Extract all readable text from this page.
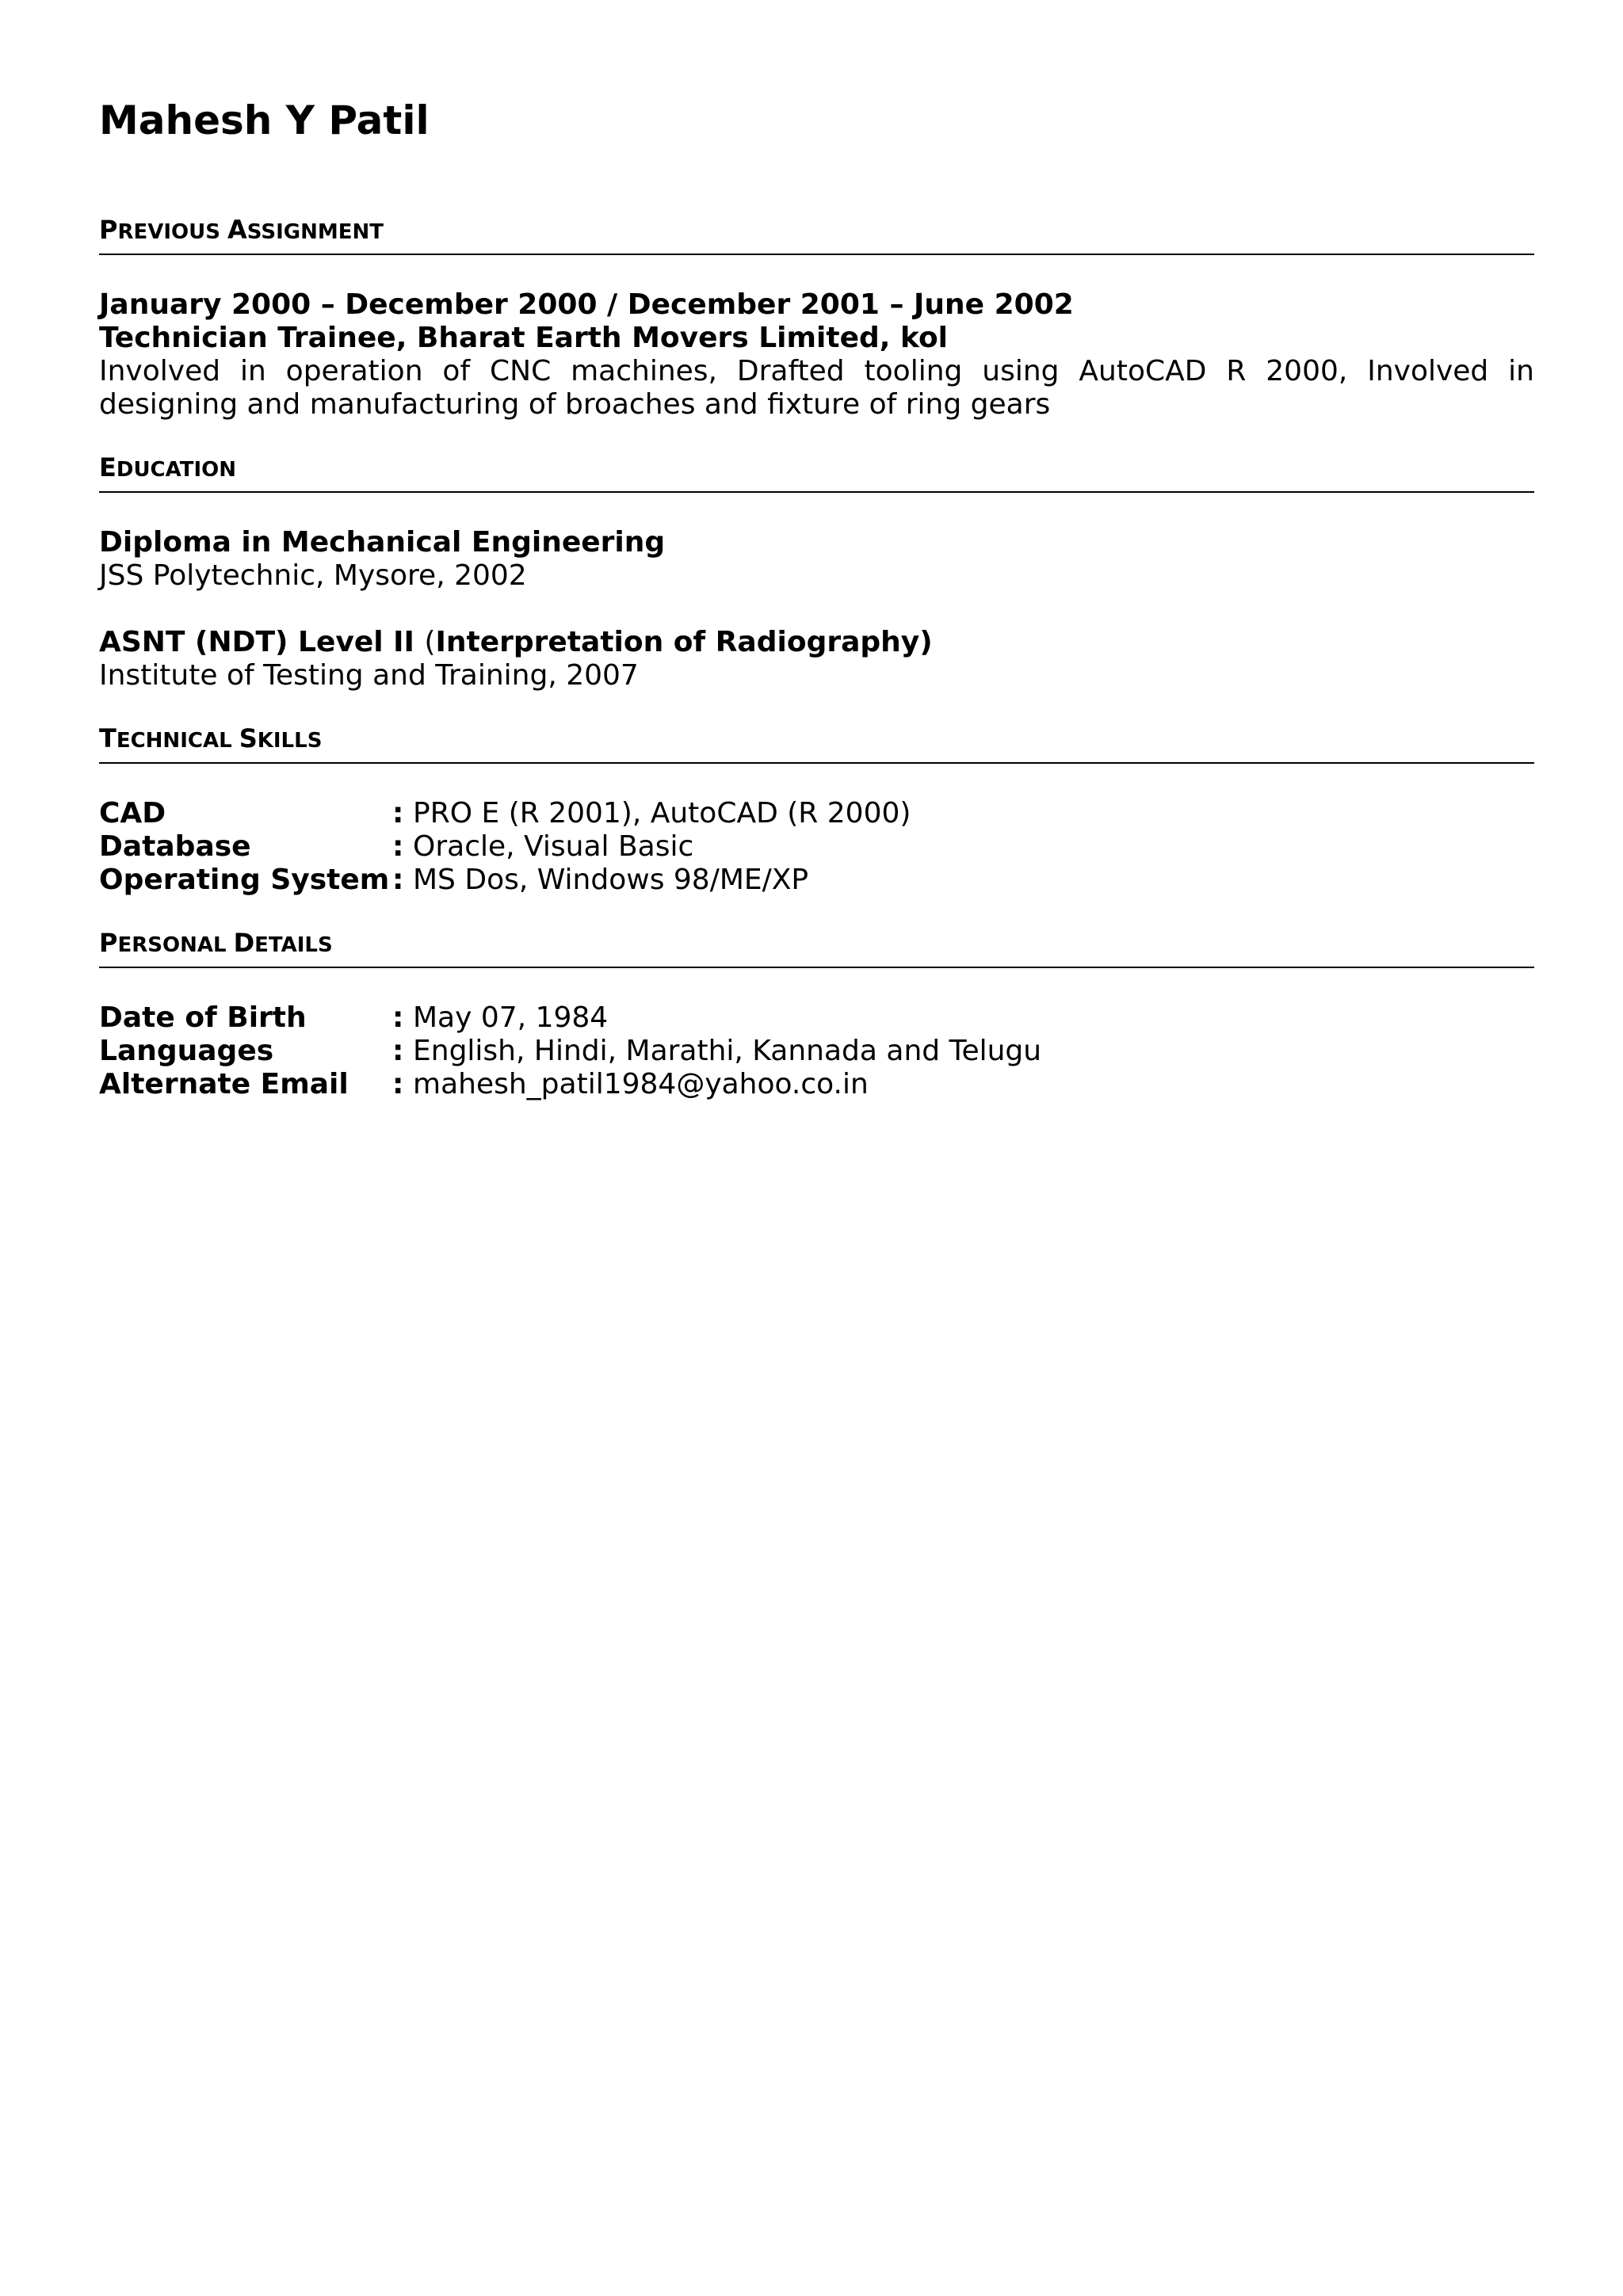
Mahesh Y Patil
PREVIOUS ASSIGNMENT
January 2000 – December 2000 / December 2001 – June 2002
Technician Trainee, Bharat Earth Movers Limited, kol
Involved in operation of CNC machines, Drafted tooling using AutoCAD R 2000, Involved in designing and manufacturing of broaches and fixture of ring gears
EDUCATION
Diploma in Mechanical Engineering
JSS Polytechnic, Mysore, 2002
ASNT (NDT) Level II (Interpretation of Radiography)
Institute of Testing and Training, 2007
TECHNICAL SKILLS
CAD	: PRO E (R 2001), AutoCAD (R 2000)
Database	: Oracle, Visual Basic
Operating System : MS Dos, Windows 98/ME/XP
PERSONAL DETAILS
Date of Birth	: May 07, 1984
Languages	: English, Hindi, Marathi, Kannada and Telugu
Alternate Email	: mahesh_patil1984@yahoo.co.in
